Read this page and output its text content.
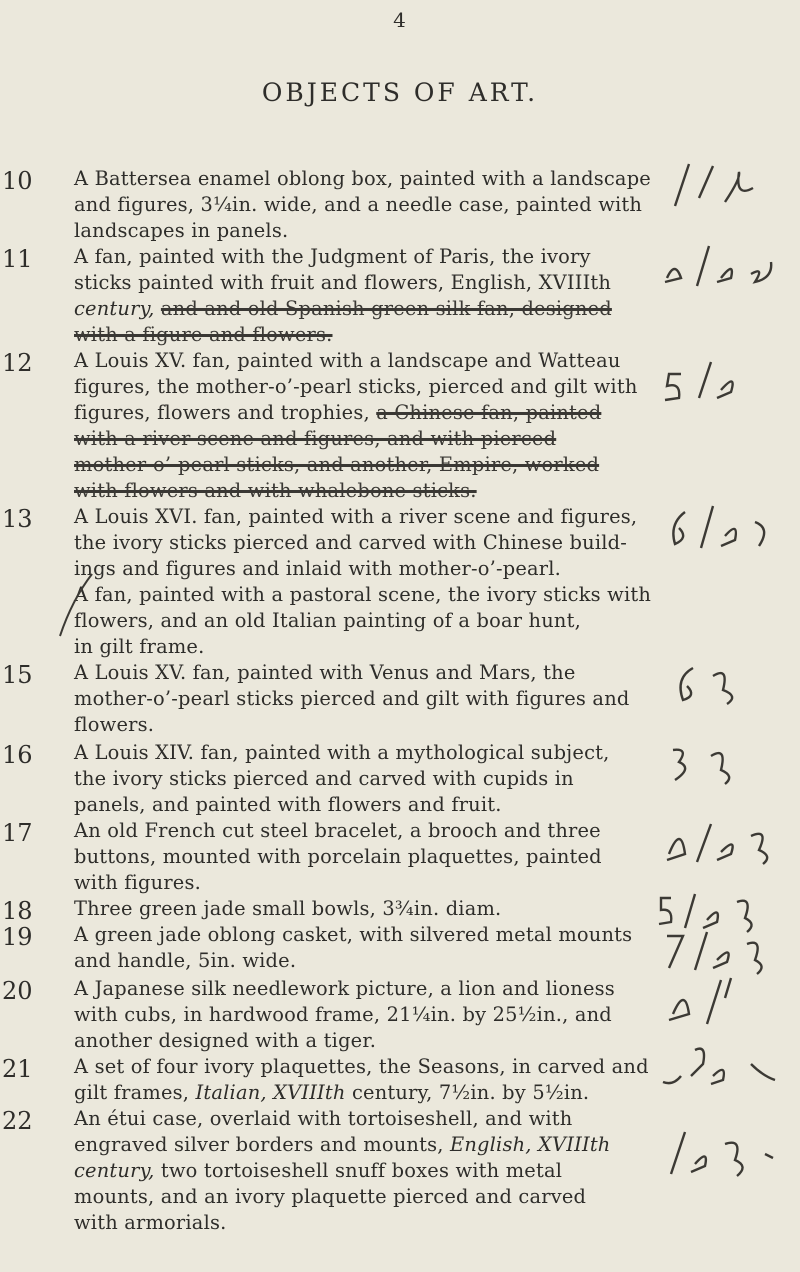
4
OBJECTS OF ART.
10	A Battersea enamel oblong box, painted with a landscape
and figures, 3¼in. wide, and a needle case, painted with
landscapes in panels.
11	A fan, painted with the Judgment of Paris, the ivory
sticks painted with fruit and flowers, English, XVIIIth
century, and and old Spanish green silk fan, designed
with a figure and flowers.
12	A Louis XV. fan, painted with a landscape and Watteau
figures, the mother-o’-pearl sticks, pierced and gilt with
figures, flowers and trophies, a Chinese fan, painted
with a river scene and figures, and with pierced
mother-o’-pearl sticks, and another, Empire, worked
with flowers and with whalebone sticks.
13	A Louis XVI. fan, painted with a river scene and figures,
the ivory sticks pierced and carved with Chinese build-
ings and figures and inlaid with mother-o’-pearl.
A fan, painted with a pastoral scene, the ivory sticks with
flowers, and an old Italian painting of a boar hunt,
in gilt frame.
15	A Louis XV. fan, painted with Venus and Mars, the
mother-o’-pearl sticks pierced and gilt with figures and
flowers.
16	A Louis XIV. fan, painted with a mythological subject,
the ivory sticks pierced and carved with cupids in
panels, and painted with flowers and fruit.
17	An old French cut steel bracelet, a brooch and three
buttons, mounted with porcelain plaquettes, painted
with figures.
18	Three green jade small bowls, 3¾in. diam.
19	A green jade oblong casket, with silvered metal mounts
and handle, 5in. wide.
20	A Japanese silk needlework picture, a lion and lioness
with cubs, in hardwood frame, 21¼in. by 25½in., and
another designed with a tiger.
21	A set of four ivory plaquettes, the Seasons, in carved and
gilt frames, Italian, XVIIIth century, 7½in. by 5½in.
22	An étui case, overlaid with tortoiseshell, and with
engraved silver borders and mounts, English, XVIIIth
century, two tortoiseshell snuff boxes with metal
mounts, and an ivory plaquette pierced and carved
with armorials.
